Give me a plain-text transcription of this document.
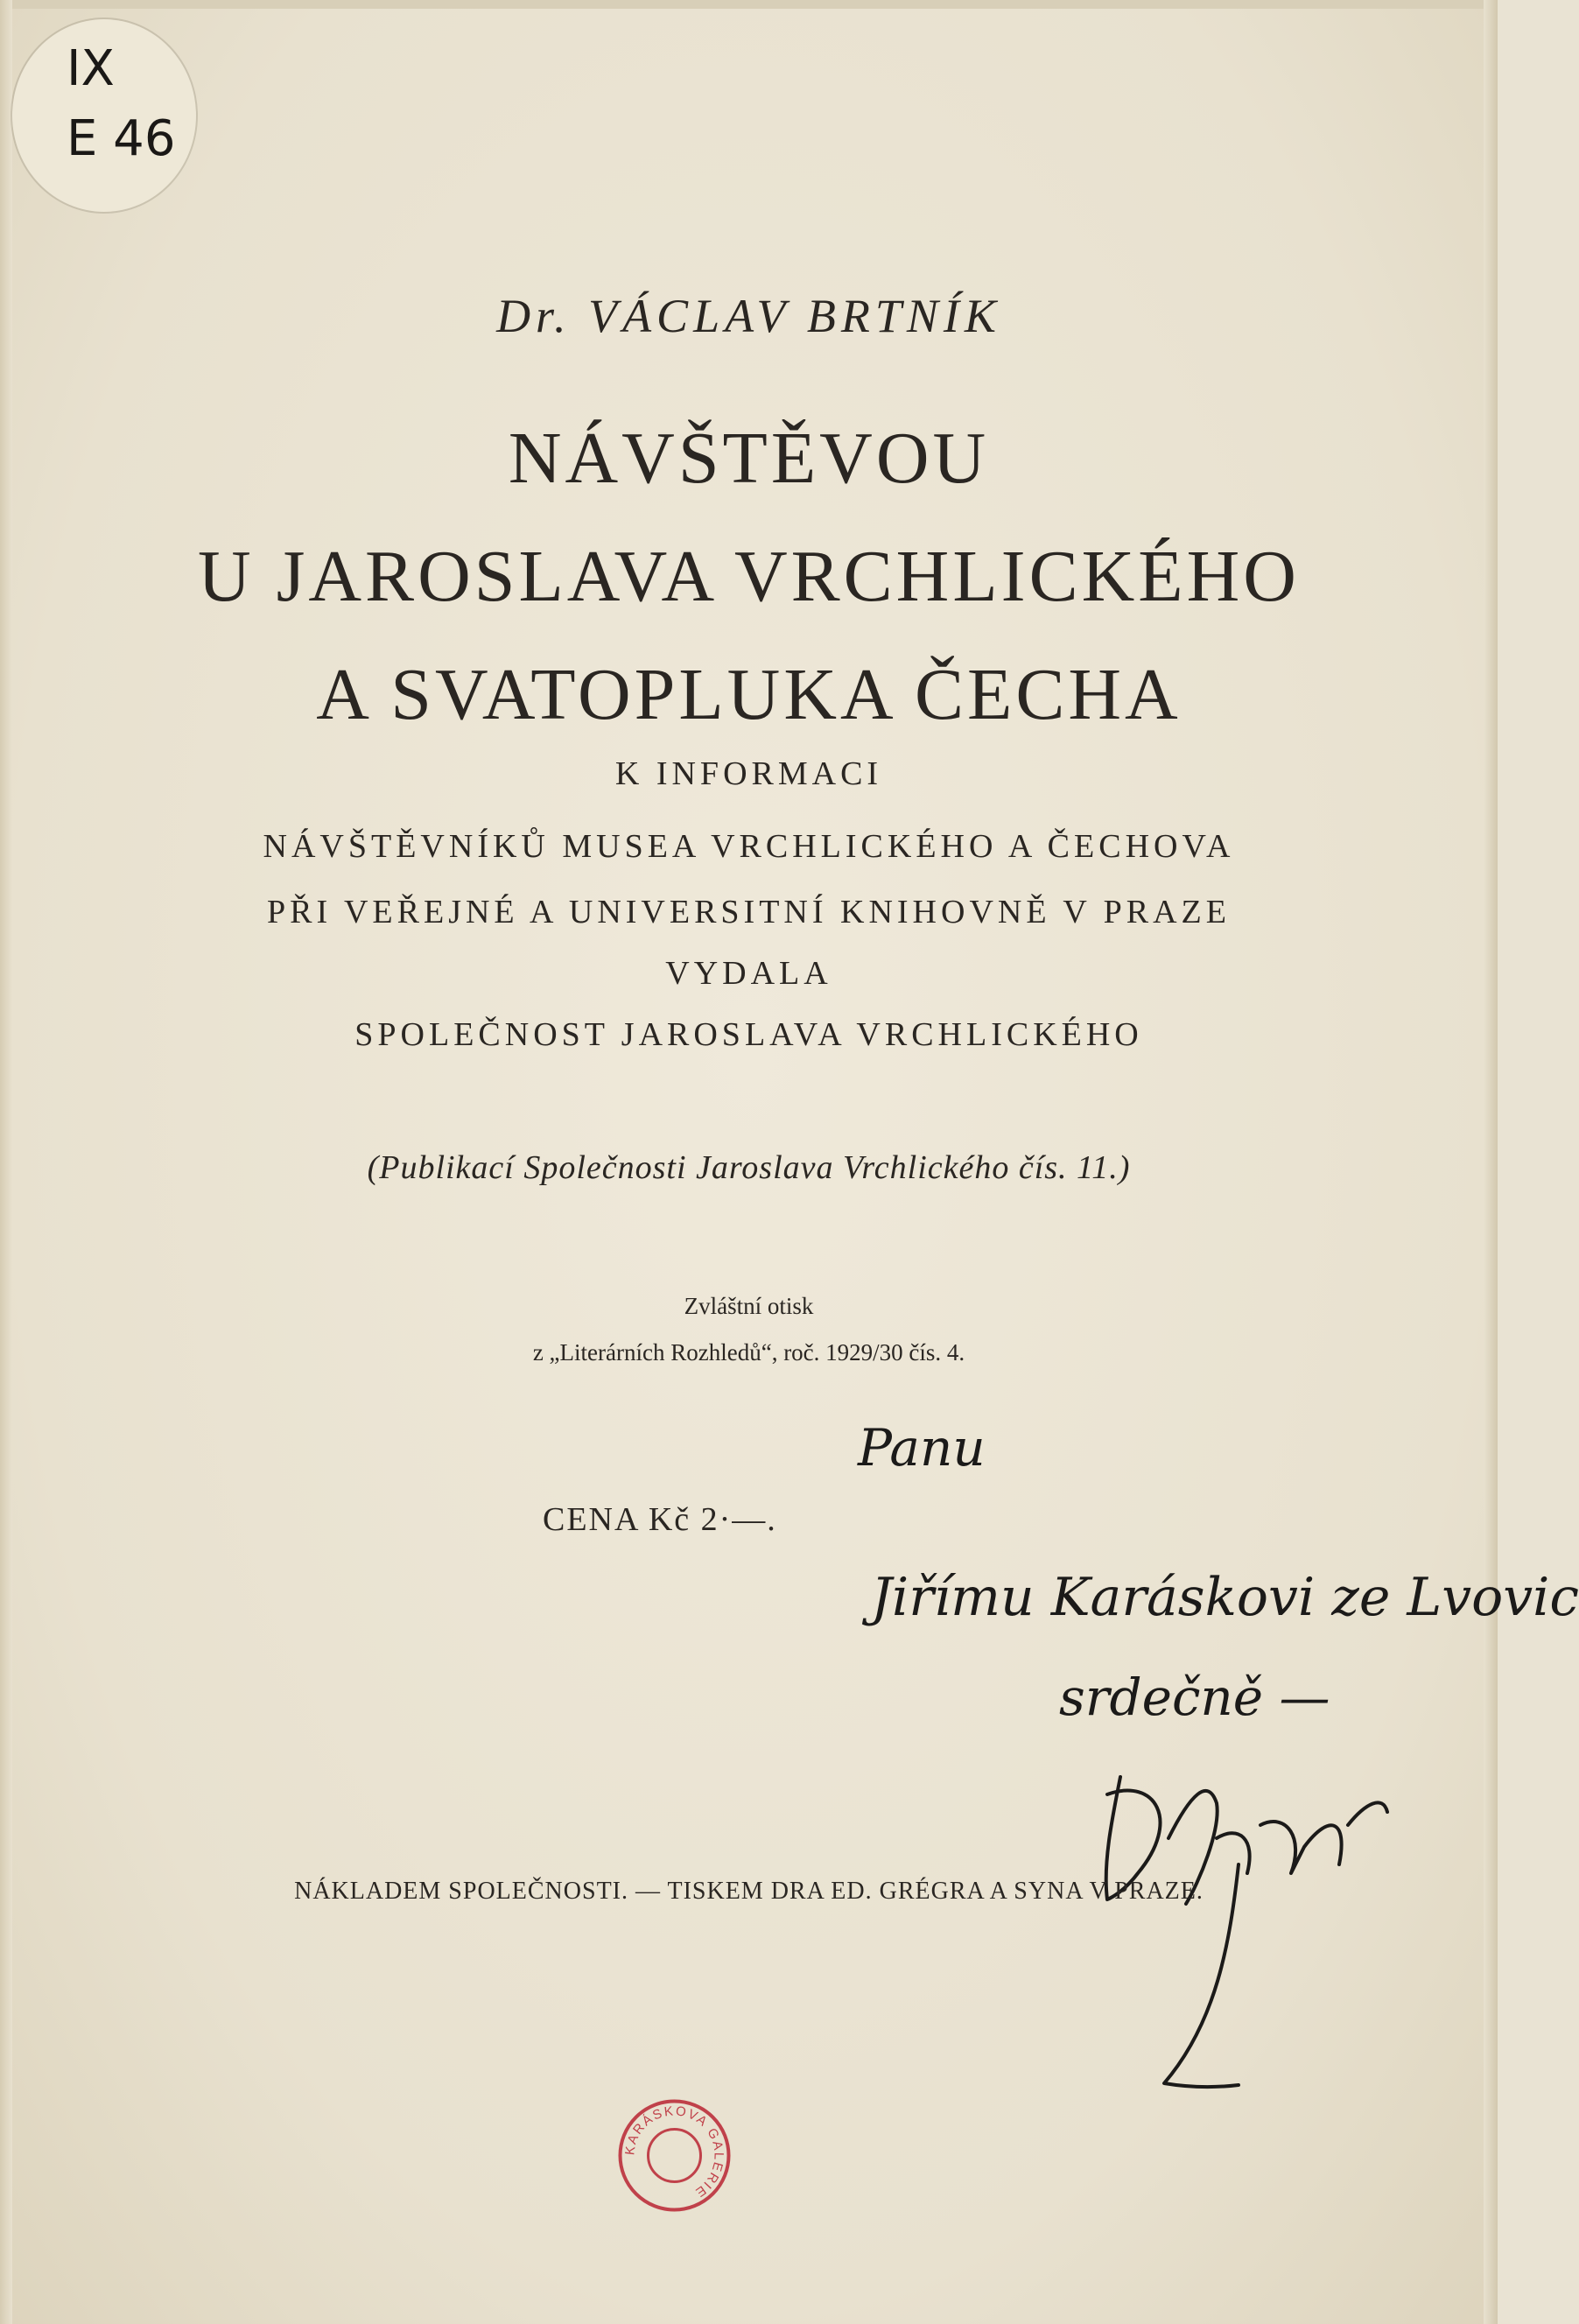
IX
E 46
Dr. VÁCLAV BRTNÍK
NÁVŠTĚVOU
U JAROSLAVA VRCHLICKÉHO
A SVATOPLUKA ČECHA
K INFORMACI
NÁVŠTĚVNÍKŮ MUSEA VRCHLICKÉHO A ČECHOVA
PŘI VEŘEJNÉ A UNIVERSITNÍ KNIHOVNĚ V PRAZE
VYDALA
SPOLEČNOST JAROSLAVA VRCHLICKÉHO
(Publikací Společnosti Jaroslava Vrchlického čís. 11.)
Zvláštní otisk
z „Literárních Rozhledů“, roč. 1929/30 čís. 4.
CENA Kč 2·—.
Panu
Jiřímu Karáskovi ze Lvovic
srdečně —
KARÁSKOVA GALERIE
NÁKLADEM SPOLEČNOSTI. — TISKEM DRA ED. GRÉGRA A SYNA V PRAZE.
